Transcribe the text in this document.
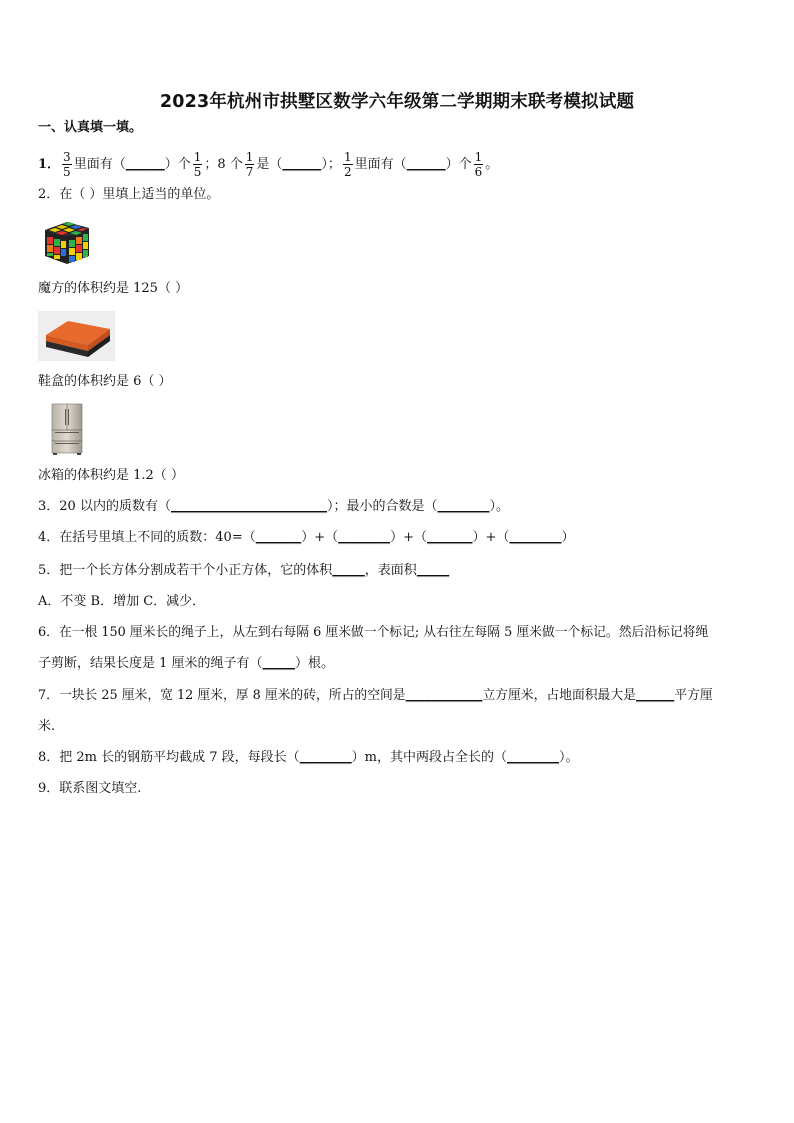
2023年杭州市拱墅区数学六年级第二学期期末联考模拟试题
一、认真填一填。
1． $\frac{3}{5}$ 里面有（______）个 $\frac{1}{5}$ ；8 个 $\frac{1}{7}$ 是（______）； $\frac{1}{2}$ 里面有（______）个 $\frac{1}{6}$ 。
2．在（ ）里填上适当的单位。
魔方的体积约是 125（ ）
鞋盒的体积约是 6（ ）
冰箱的体积约是 1.2（ ）
3．20 以内的质数有（________________________）；最小的合数是（________）。
4．在括号里填上不同的质数：40=（_______）+（________）+（_______）+（________）
5．把一个长方体分割成若干个小正方体，它的体积_____，表面积_____
A．不变 B．增加 C．减少．
6．在一根 150 厘米长的绳子上，从左到右每隔 6 厘米做一个标记; 从右往左每隔 5 厘米做一个标记。然后沿标记将绳
子剪断，结果长度是 1 厘米的绳子有（_____）根。
7．一块长 25 厘米，宽 12 厘米，厚 8 厘米的砖，所占的空间是____________立方厘米，占地面积最大是______平方厘
米.
8．把 2m 长的钢筋平均截成 7 段，每段长（________）m，其中两段占全长的（________）。
9．联系图文填空.
